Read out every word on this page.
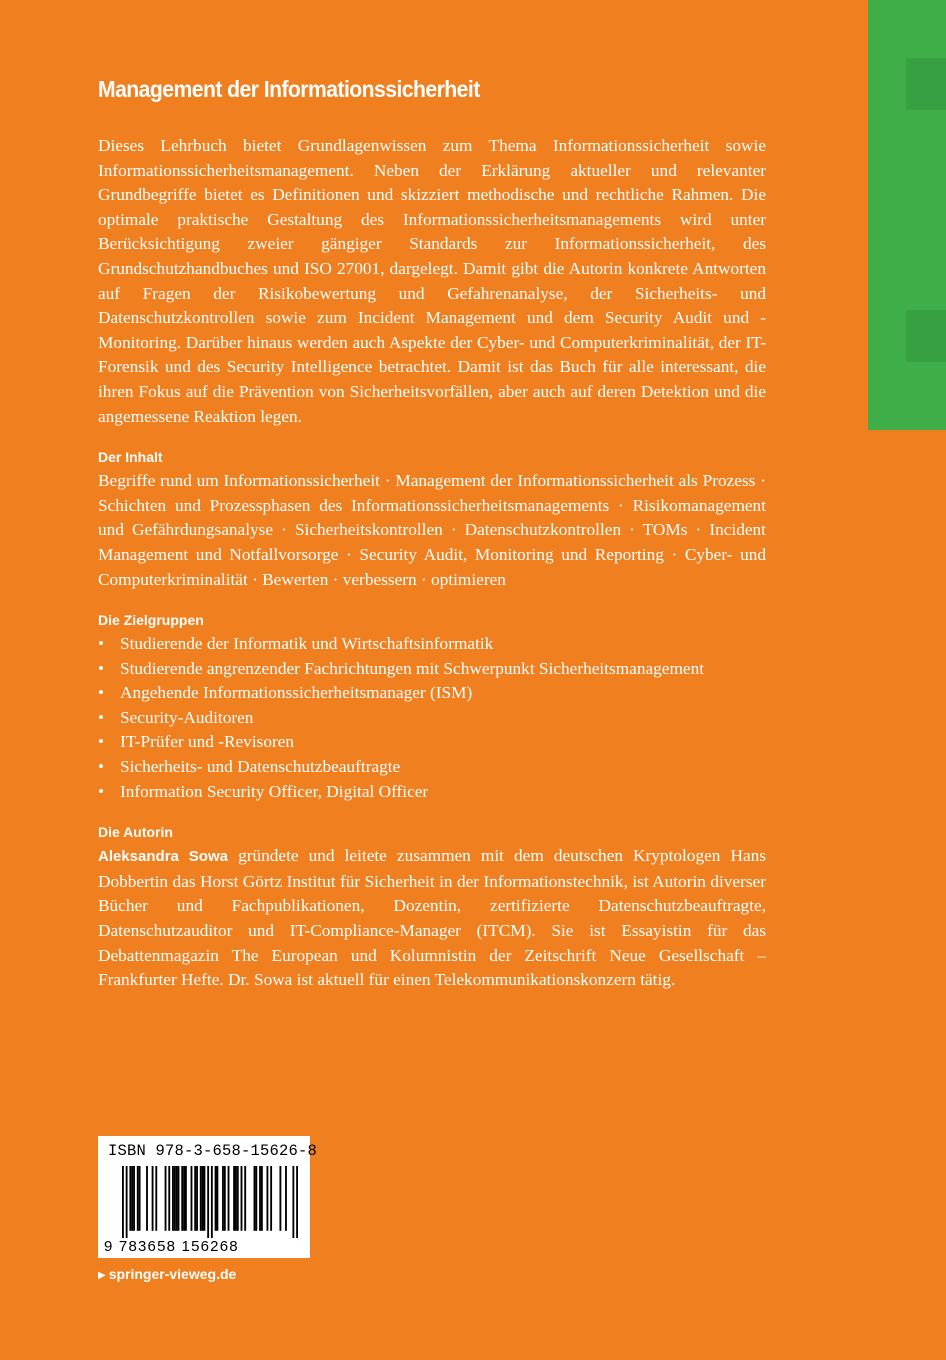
Management der Informationssicherheit

Dieses Lehrbuch bietet Grundlagenwissen zum Thema Informationssicherheit sowie Informationssicherheitsmanagement. Neben der Erklärung aktueller und relevanter Grundbegriffe bietet es Definitionen und skizziert methodische und rechtliche Rahmen. Die optimale praktische Gestaltung des Informationssicherheitsmanagements wird unter Berücksichtigung zweier gängiger Standards zur Informationssicherheit, des Grundschutzhandbuches und ISO 27001, dargelegt. Damit gibt die Autorin konkrete Antworten auf Fragen der Risikobewertung und Gefahrenanalyse, der Sicherheits- und Datenschutzkontrollen sowie zum Incident Management und dem Security Audit und -Monitoring. Darüber hinaus werden auch Aspekte der Cyber- und Computerkriminalität, der IT-Forensik und des Security Intelligence betrachtet. Damit ist das Buch für alle interessant, die ihren Fokus auf die Prävention von Sicherheitsvorfällen, aber auch auf deren Detektion und die angemessene Reaktion legen.

Der Inhalt

Begriffe rund um Informationssicherheit · Management der Informationssicherheit als Prozess · Schichten und Prozessphasen des Informationssicherheitsmanagements · Risikomanagement und Gefährdungsanalyse · Sicherheitskontrollen · Datenschutzkontrollen · TOMs · Incident Management und Notfallvorsorge · Security Audit, Monitoring und Reporting · Cyber- und Computerkriminalität · Bewerten · verbessern · optimieren

Die Zielgruppen
• Studierende der Informatik und Wirtschaftsinformatik
• Studierende angrenzender Fachrichtungen mit Schwerpunkt Sicherheitsmanagement
• Angehende Informationssicherheitsmanager (ISM)
• Security-Auditoren
• IT-Prüfer und -Revisoren
• Sicherheits- und Datenschutzbeauftragte
• Information Security Officer, Digital Officer
Die Autorin

Aleksandra Sowa gründete und leitete zusammen mit dem deutschen Kryptologen Hans Dobbertin das Horst Görtz Institut für Sicherheit in der Informationstechnik, ist Autorin diverser Bücher und Fachpublikationen, Dozentin, zertifizierte Datenschutzbeauftragte, Datenschutzauditor und IT-Compliance-Manager (ITCM). Sie ist Essayistin für das Debattenmagazin The European und Kolumnistin der Zeitschrift Neue Gesellschaft – Frankfurter Hefte. Dr. Sowa ist aktuell für einen Telekommunikationskonzern tätig.

ISBN 978-3-658-15626-8
9 783658 156268
▶ springer-vieweg.de
